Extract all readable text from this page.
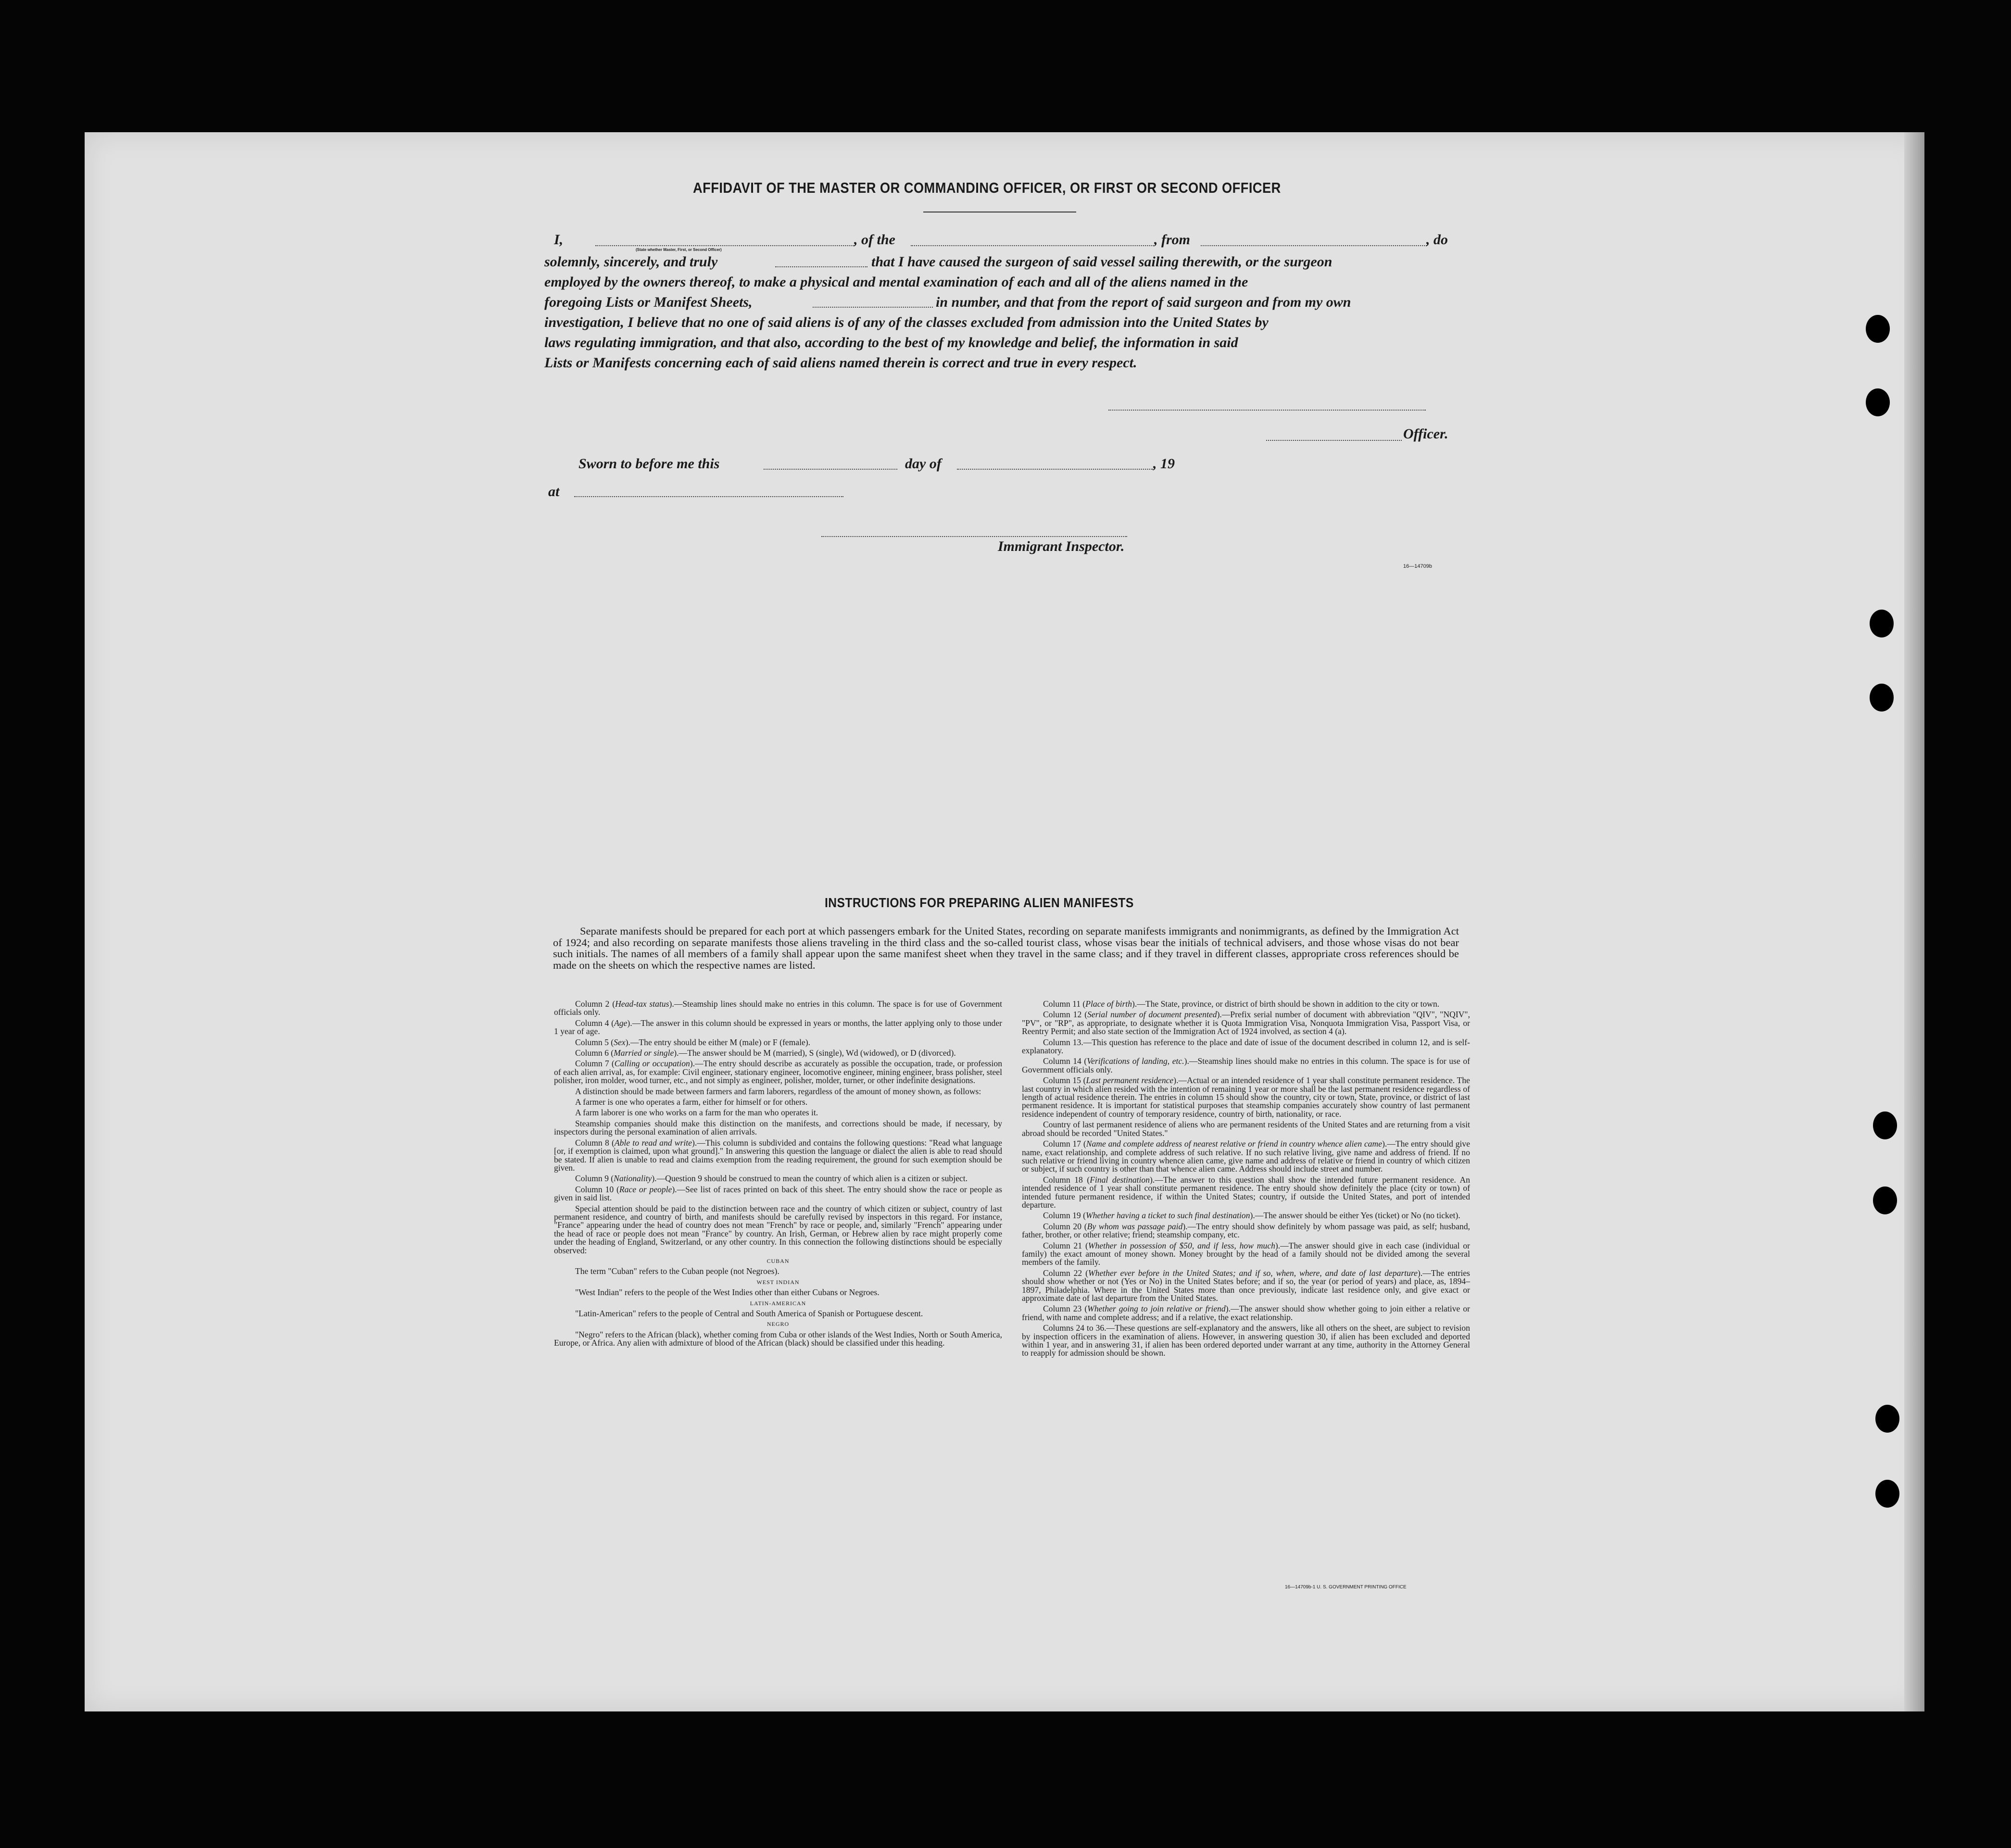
AFFIDAVIT OF THE MASTER OR COMMANDING OFFICER, OR FIRST OR SECOND OFFICER
I,
(State whether Master, First, or Second Officer)
, of the	, from	, do
solemnly, sincerely, and truly	that I have caused the surgeon of said vessel sailing therewith, or the surgeon
employed by the owners thereof, to make a physical and mental examination of each and all of the aliens named in the
foregoing Lists or Manifest Sheets,	in number, and that from the report of said surgeon and from my own
investigation, I believe that no one of said aliens is of any of the classes excluded from admission into the United States by
laws regulating immigration, and that also, according to the best of my knowledge and belief, the information in said
Lists or Manifests concerning each of said aliens named therein is correct and true in every respect.
Officer.
Sworn to before me this	day of	, 19
at
Immigrant Inspector.
16—14709b
INSTRUCTIONS FOR PREPARING ALIEN MANIFESTS
Separate manifests should be prepared for each port at which passengers embark for the United States, recording on separate manifests immigrants and nonimmigrants, as defined by the Immigration Act of 1924; and also recording on separate manifests those aliens traveling in the third class and the so-called tourist class, whose visas bear the initials of technical advisers, and those whose visas do not bear such initials. The names of all members of a family shall appear upon the same manifest sheet when they travel in the same class; and if they travel in different classes, appropriate cross references should be made on the sheets on which the respective names are listed.

Column 2 (Head-tax status).—Steamship lines should make no entries in this column. The space is for use of Government officials only.

Column 4 (Age).—The answer in this column should be expressed in years or months, the latter applying only to those under 1 year of age.

Column 5 (Sex).—The entry should be either M (male) or F (female).

Column 6 (Married or single).—The answer should be M (married), S (single), Wd (widowed), or D (divorced).

Column 7 (Calling or occupation).—The entry should describe as accurately as possible the occupation, trade, or profession of each alien arrival, as, for example: Civil engineer, stationary engineer, locomotive engineer, mining engineer, brass polisher, steel polisher, iron molder, wood turner, etc., and not simply as engineer, polisher, molder, turner, or other indefinite designations.

A distinction should be made between farmers and farm laborers, regardless of the amount of money shown, as follows:

A farmer is one who operates a farm, either for himself or for others.

A farm laborer is one who works on a farm for the man who operates it.

Steamship companies should make this distinction on the manifests, and corrections should be made, if necessary, by inspectors during the personal examination of alien arrivals.

Column 8 (Able to read and write).—This column is subdivided and contains the following questions: "Read what language [or, if exemption is claimed, upon what ground]." In answering this question the language or dialect the alien is able to read should be stated. If alien is unable to read and claims exemption from the reading requirement, the ground for such exemption should be given.

Column 9 (Nationality).—Question 9 should be construed to mean the country of which alien is a citizen or subject.

Column 10 (Race or people).—See list of races printed on back of this sheet. The entry should show the race or people as given in said list.

Special attention should be paid to the distinction between race and the country of which citizen or subject, country of last permanent residence, and country of birth, and manifests should be carefully revised by inspectors in this regard. For instance, "France" appearing under the head of country does not mean "French" by race or people, and, similarly "French" appearing under the head of race or people does not mean "France" by country. An Irish, German, or Hebrew alien by race might properly come under the heading of England, Switzerland, or any other country. In this connection the following distinctions should be especially observed:

CUBAN

The term "Cuban" refers to the Cuban people (not Negroes).

WEST INDIAN

"West Indian" refers to the people of the West Indies other than either Cubans or Negroes.

LATIN-AMERICAN

"Latin-American" refers to the people of Central and South America of Spanish or Portuguese descent.

NEGRO

"Negro" refers to the African (black), whether coming from Cuba or other islands of the West Indies, North or South America, Europe, or Africa. Any alien with admixture of blood of the African (black) should be classified under this heading.

Column 11 (Place of birth).—The State, province, or district of birth should be shown in addition to the city or town.

Column 12 (Serial number of document presented).—Prefix serial number of document with abbreviation "QIV", "NQIV", "PV", or "RP", as appropriate, to designate whether it is Quota Immigration Visa, Nonquota Immigration Visa, Passport Visa, or Reentry Permit; and also state section of the Immigration Act of 1924 involved, as section 4 (a).

Column 13.—This question has reference to the place and date of issue of the document described in column 12, and is self-explanatory.

Column 14 (Verifications of landing, etc.).—Steamship lines should make no entries in this column. The space is for use of Government officials only.

Column 15 (Last permanent residence).—Actual or an intended residence of 1 year shall constitute permanent residence. The last country in which alien resided with the intention of remaining 1 year or more shall be the last permanent residence regardless of length of actual residence therein. The entries in column 15 should show the country, city or town, State, province, or district of last permanent residence. It is important for statistical purposes that steamship companies accurately show country of last permanent residence independent of country of temporary residence, country of birth, nationality, or race.

Country of last permanent residence of aliens who are permanent residents of the United States and are returning from a visit abroad should be recorded "United States."

Column 17 (Name and complete address of nearest relative or friend in country whence alien came).—The entry should give name, exact relationship, and complete address of such relative. If no such relative living, give name and address of friend. If no such relative or friend living in country whence alien came, give name and address of relative or friend in country of which citizen or subject, if such country is other than that whence alien came. Address should include street and number.

Column 18 (Final destination).—The answer to this question shall show the intended future permanent residence. An intended residence of 1 year shall constitute permanent residence. The entry should show definitely the place (city or town) of intended future permanent residence, if within the United States; country, if outside the United States, and port of intended departure.

Column 19 (Whether having a ticket to such final destination).—The answer should be either Yes (ticket) or No (no ticket).

Column 20 (By whom was passage paid).—The entry should show definitely by whom passage was paid, as self; husband, father, brother, or other relative; friend; steamship company, etc.

Column 21 (Whether in possession of $50, and if less, how much).—The answer should give in each case (individual or family) the exact amount of money shown. Money brought by the head of a family should not be divided among the several members of the family.

Column 22 (Whether ever before in the United States; and if so, when, where, and date of last departure).—The entries should show whether or not (Yes or No) in the United States before; and if so, the year (or period of years) and place, as, 1894–1897, Philadelphia. Where in the United States more than once previously, indicate last residence only, and give exact or approximate date of last departure from the United States.

Column 23 (Whether going to join relative or friend).—The answer should show whether going to join either a relative or friend, with name and complete address; and if a relative, the exact relationship.

Columns 24 to 36.—These questions are self-explanatory and the answers, like all others on the sheet, are subject to revision by inspection officers in the examination of aliens. However, in answering question 30, if alien has been excluded and deported within 1 year, and in answering 31, if alien has been ordered deported under warrant at any time, authority in the Attorney General to reapply for admission should be shown.

16—14709b-1 U. S. GOVERNMENT PRINTING OFFICE
